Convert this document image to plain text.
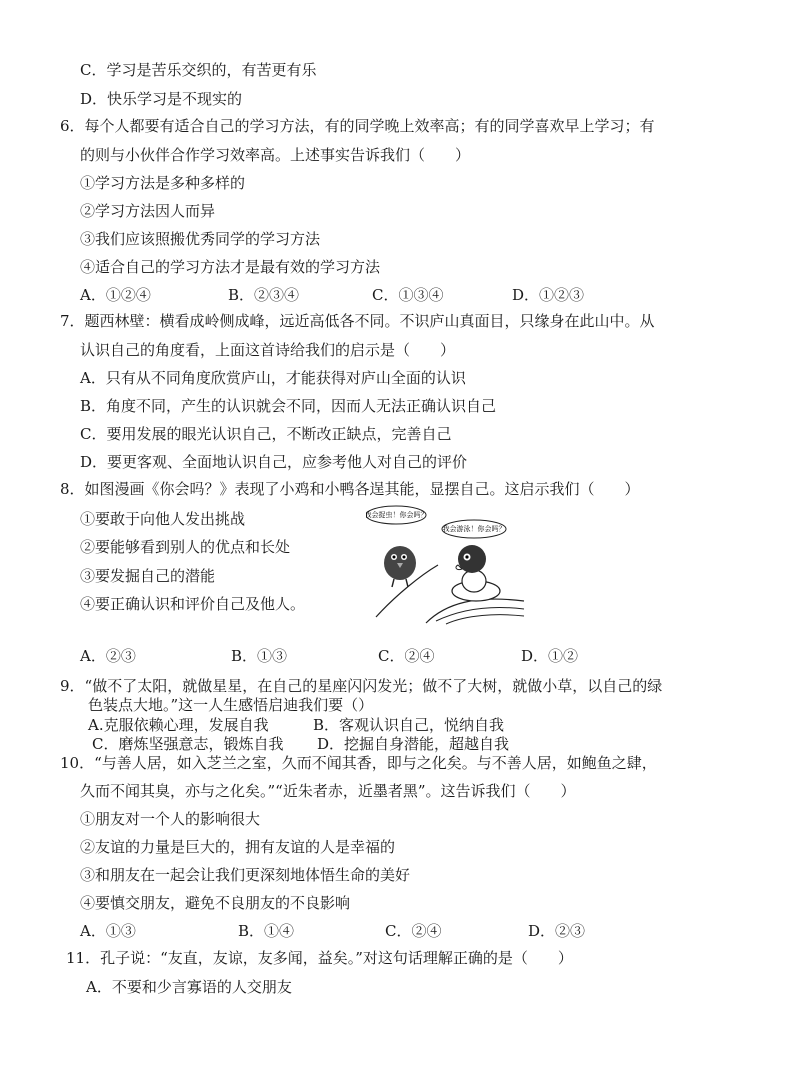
C．学习是苦乐交织的，有苦更有乐
D．快乐学习是不现实的
6．每个人都要有适合自己的学习方法，有的同学晚上效率高；有的同学喜欢早上学习；有
的则与小伙伴合作学习效率高。上述事实告诉我们（　　）
①学习方法是多种多样的
②学习方法因人而异
③我们应该照搬优秀同学的学习方法
④适合自己的学习方法才是最有效的学习方法
A．①②④	B．②③④	C．①③④	D．①②③
7．题西林壁：横看成岭侧成峰，远近高低各不同。不识庐山真面目，只缘身在此山中。从
认识自己的角度看，上面这首诗给我们的启示是（　　）
A．只有从不同角度欣赏庐山，才能获得对庐山全面的认识
B．角度不同，产生的认识就会不同，因而人无法正确认识自己
C．要用发展的眼光认识自己，不断改正缺点，完善自己
D．要更客观、全面地认识自己，应参考他人对自己的评价
8．如图漫画《你会吗？》表现了小鸡和小鸭各逞其能，显摆自己。这启示我们（　　）
①要敢于向他人发出挑战
②要能够看到别人的优点和长处
③要发掘自己的潜能
④要正确认识和评价自己及他人。
我会捉虫！你会吗？
我会游泳！你会吗？
A．②③	B．①③	C．②④	D．①②
9．“做不了太阳，就做星星，在自己的星座闪闪发光；做不了大树，就做小草，以自己的绿
色装点大地。”这一人生感悟启迪我们要（）
A.克服依赖心理，发展自我	B．客观认识自己，悦纳自我
C．磨炼坚强意志，锻炼自我 D．挖掘自身潜能，超越自我
10．“与善人居，如入芝兰之室，久而不闻其香，即与之化矣。与不善人居，如鲍鱼之肆，
久而不闻其臭，亦与之化矣。”“近朱者赤，近墨者黑”。这告诉我们（　　）
①朋友对一个人的影响很大
②友谊的力量是巨大的，拥有友谊的人是幸福的
③和朋友在一起会让我们更深刻地体悟生命的美好
④要慎交朋友，避免不良朋友的不良影响
A．①③	B．①④	C．②④	D．②③
11．孔子说：“友直，友谅，友多闻，益矣。”对这句话理解正确的是（　　）
A．不要和少言寡语的人交朋友
